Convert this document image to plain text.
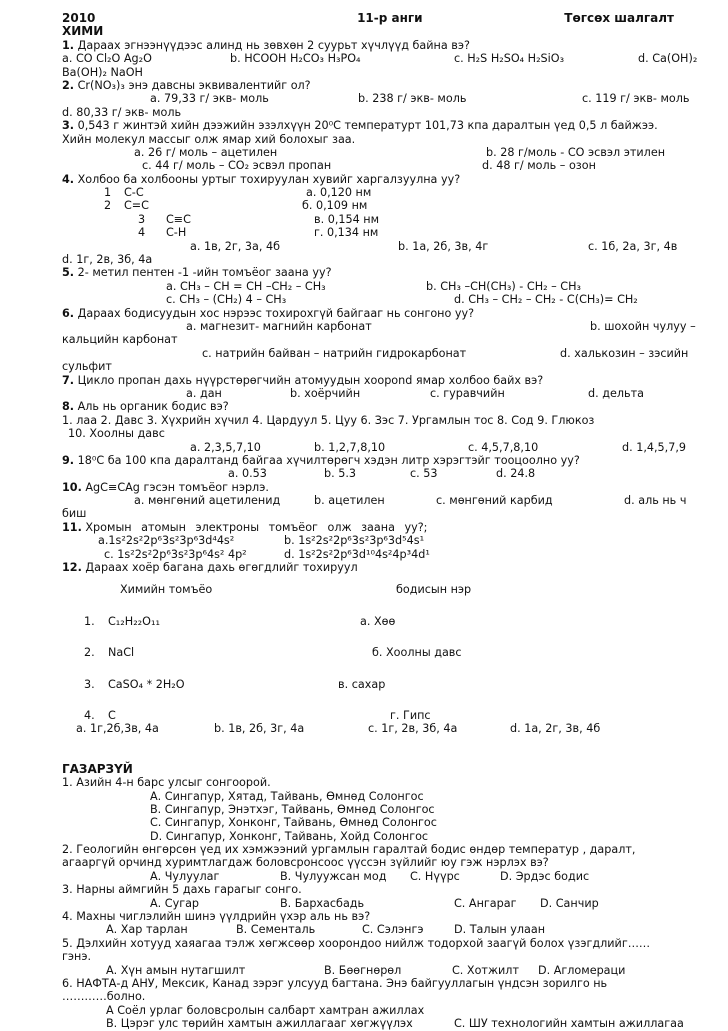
2010	11-р анги	Төгсөх шалгалт
ХИМИ
1. Дараах эгнээнүүдээс алинд нь зөвхөн 2 суурьт хүчлүүд байна вэ?
a. CO Cl₂O Ag₂O	b. HCOOH H₂CO₃ H₃PO₄	c. H₂S H₂SO₄ H₂SiO₃	d. Ca(OH)₂
Ba(OH)₂ NaOH
2. Cr(NO₃)₃ энэ давсны эквивалентийг ол?
a. 79,33 г/ экв- моль	b. 238 г/ экв- моль	c. 119 г/ экв- моль
d. 80,33 г/ экв- моль
3. 0,543 г жинтэй хийн дээжийн эзэлхүүн 20⁰С температурт 101,73 кпа даралтын үед 0,5 л байжээ.
Хийн молекул массыг олж ямар хий болохыг заа.
a. 26 г/ моль – ацетилен	b. 28 г/моль - CO эсвэл этилен
c. 44 г/ моль – CO₂ эсвэл пропан	d. 48 г/ моль – озон
4. Холбоо ба холбооны уртыг тохируулан хувийг харгалзуулна уу?
1 C-C	a. 0,120 нм
2 C=C	б. 0,109 нм
3 C≡C	в. 0,154 нм
4 C-H	г. 0,134 нм
a. 1в, 2г, 3a, 4б	b. 1a, 2б, 3в, 4г	c. 1б, 2a, 3г, 4в
d. 1г, 2в, 3б, 4a
5. 2- метил пентен -1 -ийн томъёог заана уу?
a. CH₃ – CH = CH –CH₂ – CH₃	b. CH₃ –CH(CH₃) - CH₂ – CH₃
c. CH₃ – (CH₂) 4 – CH₃	d. CH₃ – CH₂ – CH₂ - C(CH₃)= CH₂
6. Дараах бодисуудын хос нэрээс тохирохгүй байгааг нь сонгоно уу?
a. магнезит- магнийн карбонат	b. шохойн чулуу –
кальцийн карбонат
c. натрийн байван – натрийн гидрокарбонат	d. халькозин – зэсийн
сульфит
7. Цикло пропан дахь нүүрстөрөгчийн атомуудын хоорond ямар холбоо байх вэ?
a. дан	b. хоёрчийн	c. гуравчийн	d. дельта
8. Аль нь органик бодис вэ?
1. лаа 2. Давс 3. Хүхрийн хүчил 4. Цардуул 5. Цуу 6. Зэс 7. Ургамлын тос 8. Сод 9. Глюкоз
10. Хоолны давс
a. 2,3,5,7,10	b. 1,2,7,8,10	c. 4,5,7,8,10	d. 1,4,5,7,9
9. 18⁰С ба 100 кпа даралтанд байгаа хүчилтөрөгч хэдэн литр хэрэгтэйг тооцоолно уу?
a. 0.53	b. 5.3	c. 53	d. 24.8
10. AgC≡CAg гэсэн томъёог нэрлэ.
a. мөнгөний ацетиленид	b. ацетилен	c. мөнгөний карбид	d. аль нь ч
биш
11. Хромын атомын электроны томъёог олж заана уу?;
a.1s²2s²2p⁶3s²3p⁶3d⁴4s²	b. 1s²2s²2p⁶3s²3p⁶3d⁵4s¹
c. 1s²2s²2p⁶3s²3p⁶4s² 4p²	d. 1s²2s²2p⁶3d¹⁰4s²4p³4d¹
12. Дараах хоёр багана дахь өгөгдлийг тохируул
Химийн томъёо	бодисын нэр
1. C₁₂H₂₂O₁₁	a. Хөө
2. NaCl	б. Хоолны давс
3. CaSO₄ * 2H₂O	в. сахар
4. C	г. Гипс
a. 1г,2б,3в, 4a	b. 1в, 2б, 3г, 4a	c. 1г, 2в, 3б, 4a	d. 1a, 2г, 3в, 4б
ГАЗАРЗҮЙ
1. Азийн 4-н барс улсыг сонгоорой.
А. Сингапур, Хятад, Тайвань, Өмнөд Солонгос
В. Сингапур, Энэтхэг, Тайвань, Өмнөд Солонгос
С. Сингапур, Хонконг, Тайвань, Өмнөд Солонгос
D. Сингапур, Хонконг, Тайвань, Хойд Солонгос
2. Геологийн өнгөрсөн үед их хэмжээний ургамлын гаралтай бодис өндөр температур , даралт,
агааргүй орчинд хуримтлагдаж боловсронсоос үүссэн зүйлийг юу гэж нэрлэх вэ?
А. Чулуулаг	В. Чулуужсан мод С. Нүүрс	D. Эрдэс бодис
3. Нарны аймгийн 5 дахь гарагыг сонго.
А. Сугар	В. Бархасбадь	С. Ангараг D. Санчир
4. Махны чиглэлийн шинэ үүлдрийн үхэр аль нь вэ?
А. Хар тарлан	В. Сементаль	С. Сэлэнгэ	D. Талын улаан
5. Дэлхийн хотууд хаяагаа тэлж хөгжсөөр хоорондоо нийлж тодорхой заагүй болох үзэгдлийг……
гэнэ.
А. Хүн амын нутагшилт	В. Бөөгнөрөл	С. Хотжилт D. Агломераци
6. НАФТА-д АНУ, Мексик, Канад зэрэг улсууд багтана. Энэ байгууллагын үндсэн зорилго нь
…………болно.
А Соёл урлаг боловсролын салбарт хамтран ажиллах
В. Цэрэг улс төрийн хамтын ажиллагааг хөгжүүлэх	С. ШУ технологийн хамтын ажиллагаа
